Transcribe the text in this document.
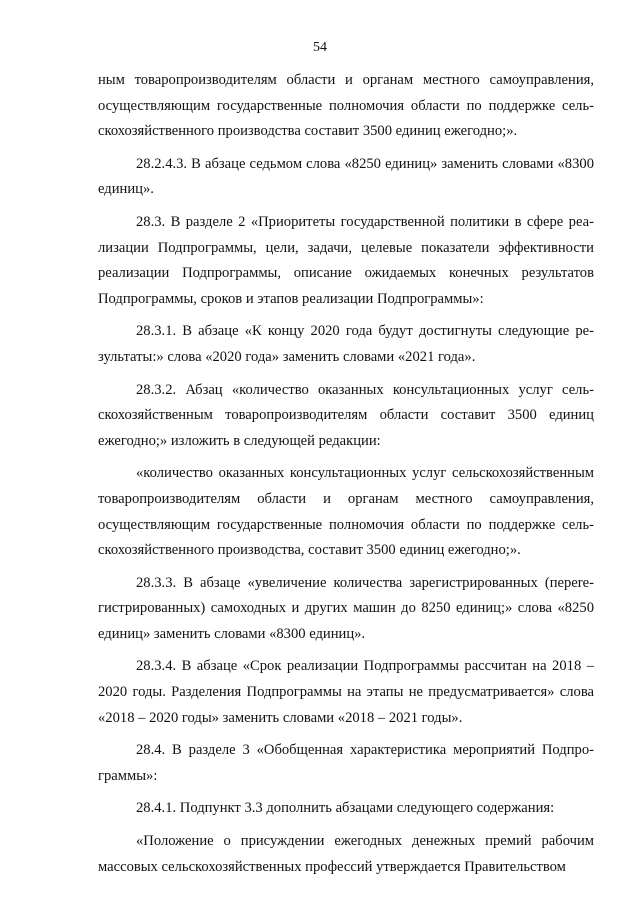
54

ным товаропроизводителям области и органам местного самоуправления, осуществляющим государственные полномочия области по поддержке сельскохозяйственного производства составит 3500 единиц ежегодно;».

28.2.4.3. В абзаце седьмом слова «8250 единиц» заменить словами «8300 единиц».

28.3. В разделе 2 «Приоритеты государственной политики в сфере реализации Подпрограммы, цели, задачи, целевые показатели эффективности реализации Подпрограммы, описание ожидаемых конечных результатов Подпрограммы, сроков и этапов реализации Подпрограммы»:

28.3.1. В абзаце «К концу 2020 года будут достигнуты следующие результаты:» слова «2020 года» заменить словами «2021 года».

28.3.2. Абзац «количество оказанных консультационных услуг сельскохозяйственным товаропроизводителям области составит 3500 единиц ежегодно;» изложить в следующей редакции:

«количество оказанных консультационных услуг сельскохозяйственным товаропроизводителям области и органам местного самоуправления, осуществляющим государственные полномочия области по поддержке сельскохозяйственного производства, составит 3500 единиц ежегодно;».

28.3.3. В абзаце «увеличение количества зарегистрированных (переreгистрированных) самоходных и других машин до 8250 единиц;» слова «8250 единиц» заменить словами «8300 единиц».

28.3.4. В абзаце «Срок реализации Подпрограммы рассчитан на 2018 – 2020 годы. Разделения Подпрограммы на этапы не предусматривается» слова «2018 – 2020 годы» заменить словами «2018 – 2021 годы».

28.4. В разделе 3 «Обобщенная характеристика мероприятий Подпрограммы»:

28.4.1. Подпункт 3.3 дополнить абзацами следующего содержания:

«Положение о присуждении ежегодных денежных премий рабочим массовых сельскохозяйственных профессий утверждается Правительством
